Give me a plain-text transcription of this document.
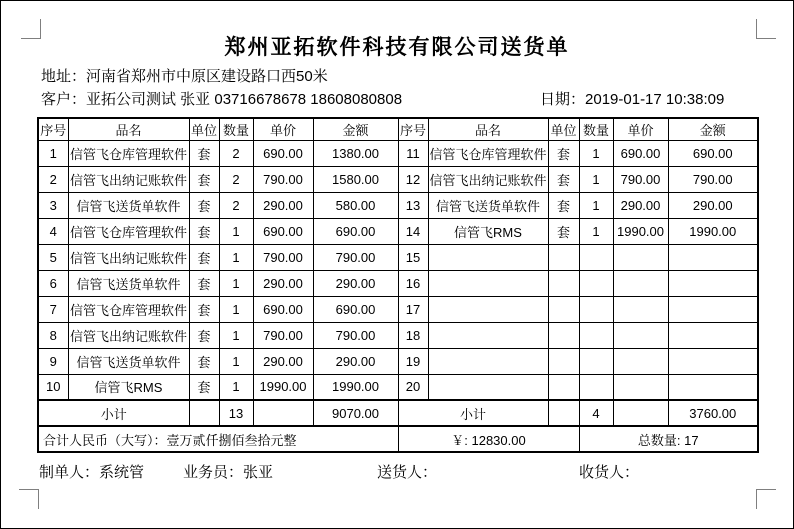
郑州亚拓软件科技有限公司送货单
地址：河南省郑州市中原区建设路口西50米
客户：亚拓公司测试 张亚 03716678678 18608080808	日期：2019-01-17 10:38:09
序号	品名	单位	数量	单价	金额	序号	品名	单位	数量	单价	金额
1	信管飞仓库管理软件	套	2	690.00	1380.00	11	信管飞仓库管理软件	套	1	690.00	690.00
2	信管飞出纳记账软件	套	2	790.00	1580.00	12	信管飞出纳记账软件	套	1	790.00	790.00
3	信管飞送货单软件	套	2	290.00	580.00	13	信管飞送货单软件	套	1	290.00	290.00
4	信管飞仓库管理软件	套	1	690.00	690.00	14	信管飞RMS	套	1	1990.00	1990.00
5	信管飞出纳记账软件	套	1	790.00	790.00	15					
6	信管飞送货单软件	套	1	290.00	290.00	16					
7	信管飞仓库管理软件	套	1	690.00	690.00	17					
8	信管飞出纳记账软件	套	1	790.00	790.00	18					
9	信管飞送货单软件	套	1	290.00	290.00	19					
10	信管飞RMS	套	1	1990.00	1990.00	20					
小计			13		9070.00	小计			4		3760.00
合计人民币（大写）：壹万贰仟捌佰叁拾元整						￥: 12830.00			总数量: 17		
制单人：系统管	业务员：张亚	送货人：	收货人：
